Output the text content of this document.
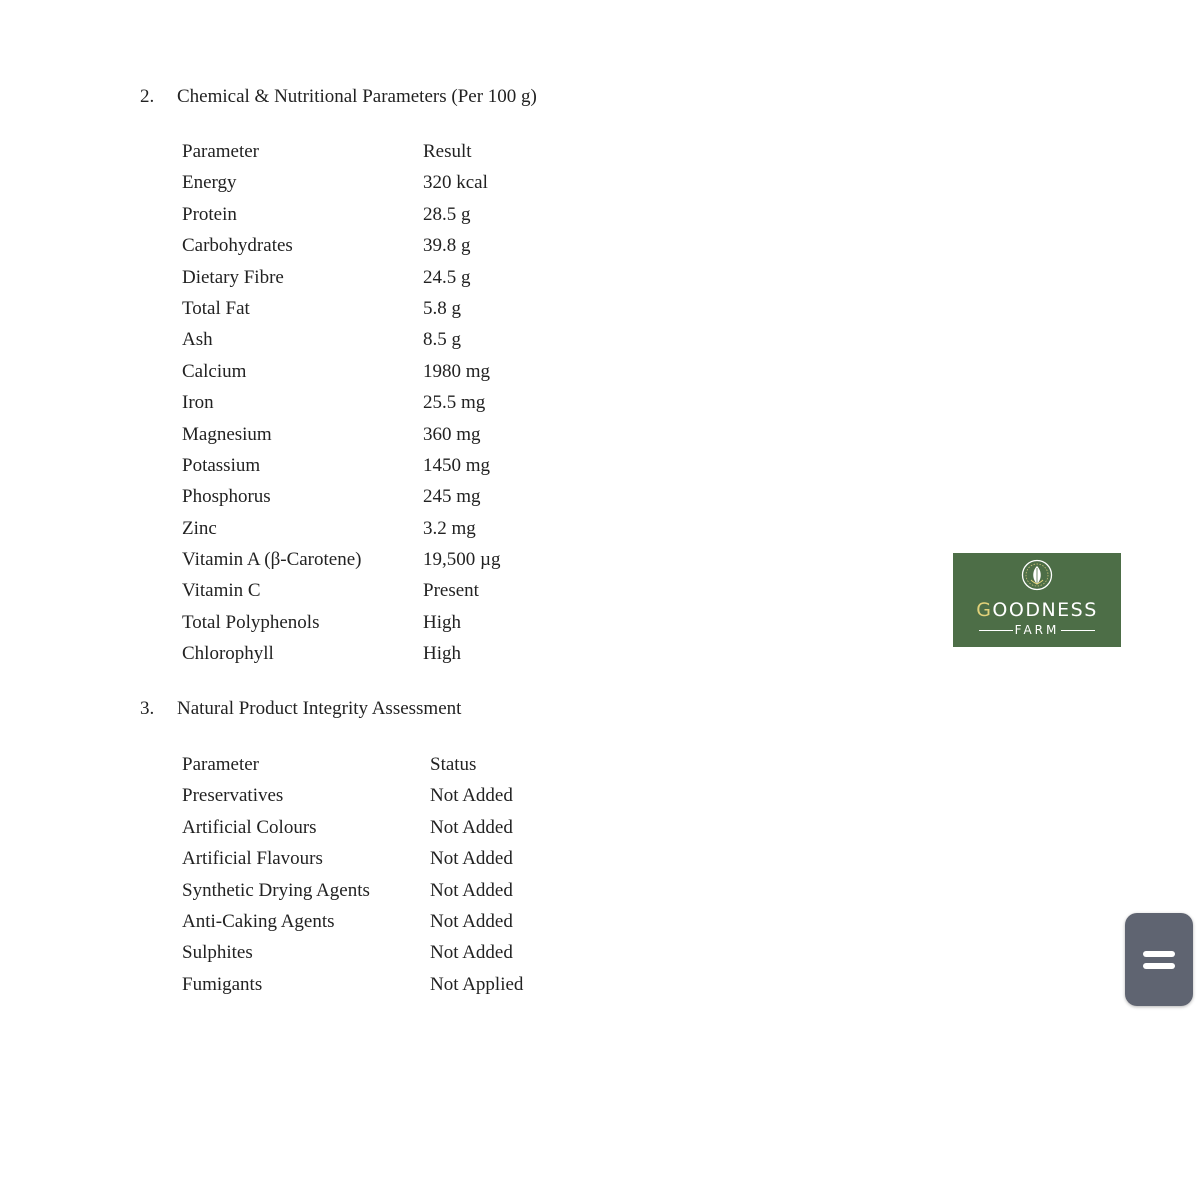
2. Chemical & Nutritional Parameters (Per 100 g)
Parameter	Result
Energy	320 kcal
Protein	28.5 g
Carbohydrates	39.8 g
Dietary Fibre	24.5 g
Total Fat	5.8 g
Ash	8.5 g
Calcium	1980 mg
Iron	25.5 mg
Magnesium	360 mg
Potassium	1450 mg
Phosphorus	245 mg
Zinc	3.2 mg
Vitamin A (β-Carotene)	19,500 µg
Vitamin C	Present
Total Polyphenols	High
Chlorophyll	High
3. Natural Product Integrity Assessment
Parameter	Status
Preservatives	Not Added
Artificial Colours	Not Added
Artificial Flavours	Not Added
Synthetic Drying Agents	Not Added
Anti-Caking Agents	Not Added
Sulphites	Not Added
Fumigants	Not Applied
GOODNESS
FARM
